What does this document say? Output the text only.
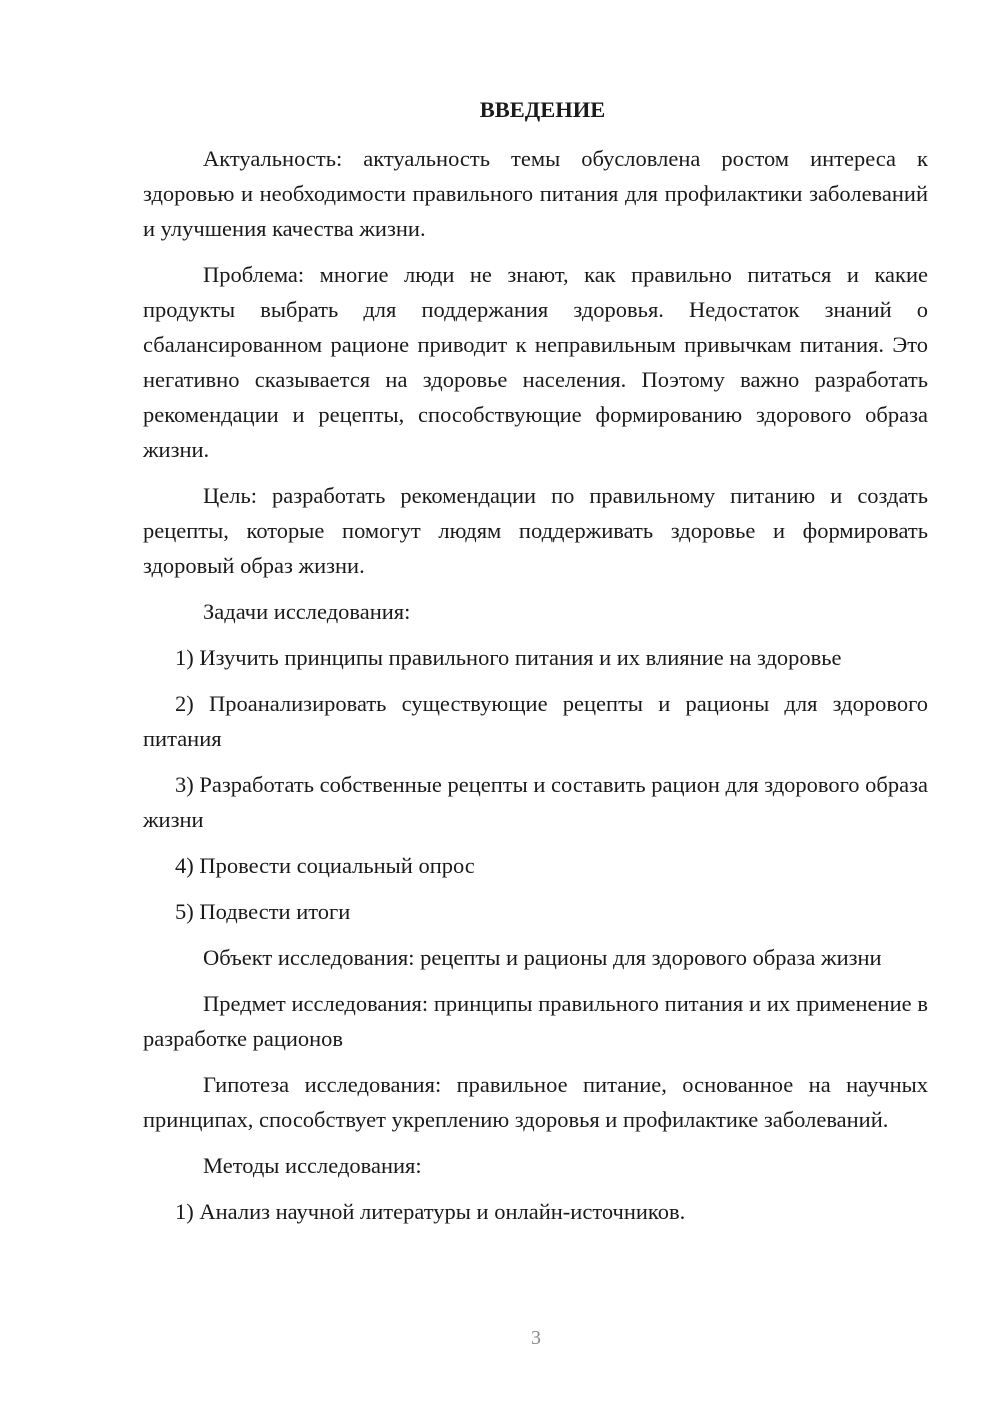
ВВЕДЕНИЕ

Актуальность: актуальность темы обусловлена ростом интереса к здоровью и необходимости правильного питания для профилактики заболеваний и улучшения качества жизни.

Проблема: многие люди не знают, как правильно питаться и какие продукты выбрать для поддержания здоровья. Недостаток знаний о сбалансированном рационе приводит к неправильным привычкам питания. Это негативно сказывается на здоровье населения. Поэтому важно разработать рекомендации и рецепты, способствующие формированию здорового образа жизни.

Цель: разработать рекомендации по правильному питанию и создать рецепты, которые помогут людям поддерживать здоровье и формировать здоровый образ жизни.

Задачи исследования:

1) Изучить принципы правильного питания и их влияние на здоровье

2) Проанализировать существующие рецепты и рационы для здорового питания

3) Разработать собственные рецепты и составить рацион для здорового образа жизни

4) Провести социальный опрос

5) Подвести итоги

Объект исследования: рецепты и рационы для здорового образа жизни

Предмет исследования: принципы правильного питания и их применение в разработке рационов

Гипотеза исследования: правильное питание, основанное на научных принципах, способствует укреплению здоровья и профилактике заболеваний.

Методы исследования:

1) Анализ научной литературы и онлайн-источников.

3
